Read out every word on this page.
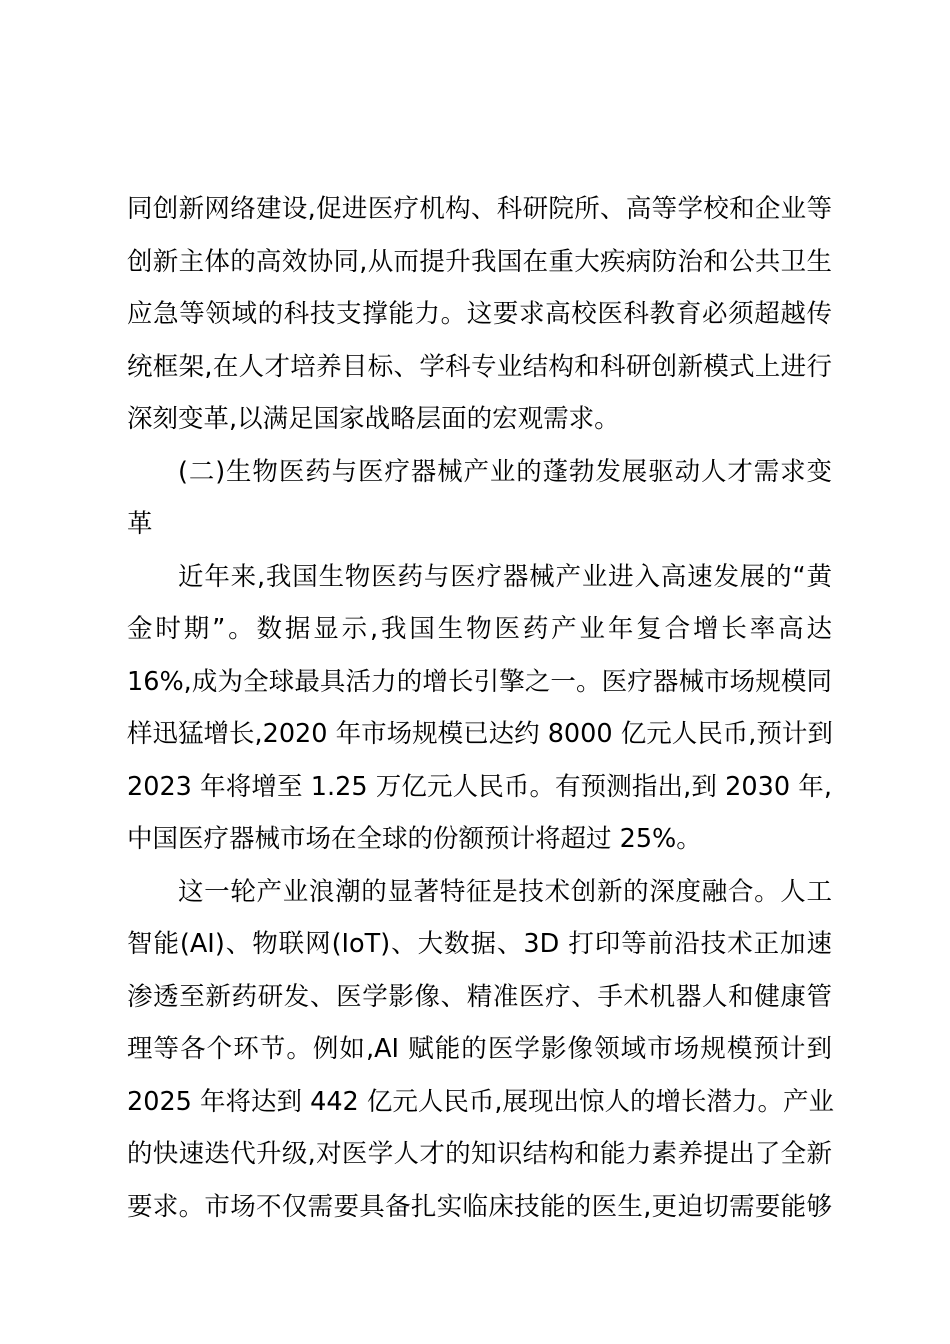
同创新网络建设,促进医疗机构、科研院所、高等学校和企业等
创新主体的高效协同,从而提升我国在重大疾病防治和公共卫生
应急等领域的科技支撑能力。这要求高校医科教育必须超越传
统框架,在人才培养目标、学科专业结构和科研创新模式上进行
深刻变革,以满足国家战略层面的宏观需求。
(二)生物医药与医疗器械产业的蓬勃发展驱动人才需求变
革
近年来,我国生物医药与医疗器械产业进入高速发展的“黄
金时期”。数据显示,我国生物医药产业年复合增长率高达
16%,成为全球最具活力的增长引擎之一。医疗器械市场规模同
样迅猛增长,2020 年市场规模已达约 8000 亿元人民币,预计到
2023 年将增至 1.25 万亿元人民币。有预测指出,到 2030 年,
中国医疗器械市场在全球的份额预计将超过 25%。
这一轮产业浪潮的显著特征是技术创新的深度融合。人工
智能(AI)、物联网(IoT)、大数据、3D 打印等前沿技术正加速
渗透至新药研发、医学影像、精准医疗、手术机器人和健康管
理等各个环节。例如,AI 赋能的医学影像领域市场规模预计到
2025 年将达到 442 亿元人民币,展现出惊人的增长潜力。产业
的快速迭代升级,对医学人才的知识结构和能力素养提出了全新
要求。市场不仅需要具备扎实临床技能的医生,更迫切需要能够
